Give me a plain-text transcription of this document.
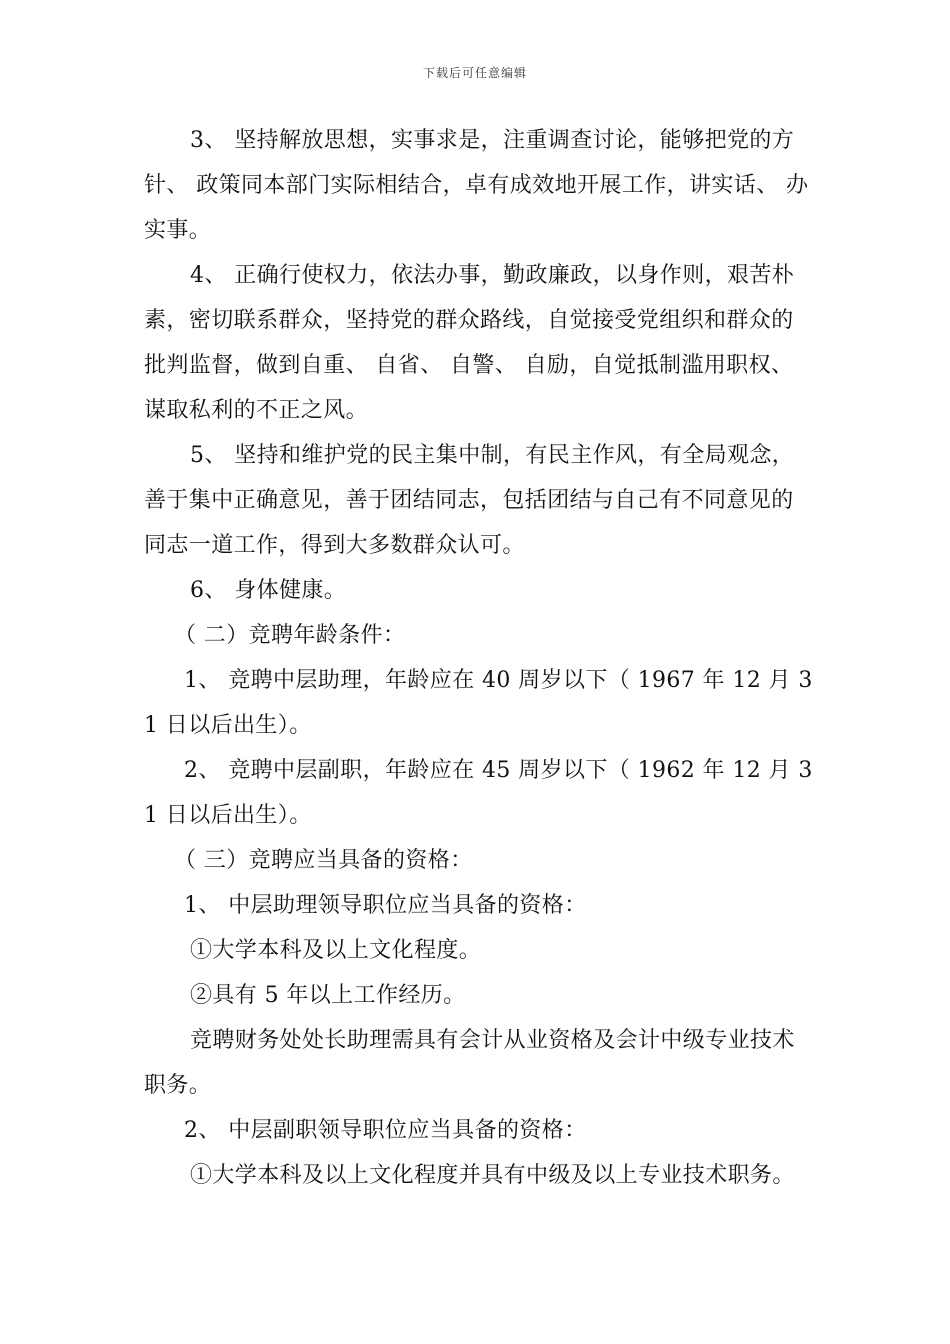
下载后可任意编辑

3、 坚持解放思想，实事求是，注重调查讨论，能够把党的方针、 政策同本部门实际相结合，卓有成效地开展工作，讲实话、 办实事。

4、 正确行使权力，依法办事，勤政廉政，以身作则，艰苦朴素，密切联系群众，坚持党的群众路线，自觉接受党组织和群众的批判监督，做到自重、 自省、 自警、 自励，自觉抵制滥用职权、 谋取私利的不正之风。

5、 坚持和维护党的民主集中制，有民主作风，有全局观念，善于集中正确意见，善于团结同志，包括团结与自己有不同意见的同志一道工作，得到大多数群众认可。

6、 身体健康。

（ 二）竞聘年龄条件：

1、 竞聘中层助理，年龄应在 40 周岁以下（ 1967 年 12 月 31 日以后出生）。

2、 竞聘中层副职，年龄应在 45 周岁以下（ 1962 年 12 月 31 日以后出生）。

（ 三）竞聘应当具备的资格：

1、 中层助理领导职位应当具备的资格：

①大学本科及以上文化程度。

②具有 5 年以上工作经历。

竞聘财务处处长助理需具有会计从业资格及会计中级专业技术职务。

2、 中层副职领导职位应当具备的资格：

①大学本科及以上文化程度并具有中级及以上专业技术职务。
